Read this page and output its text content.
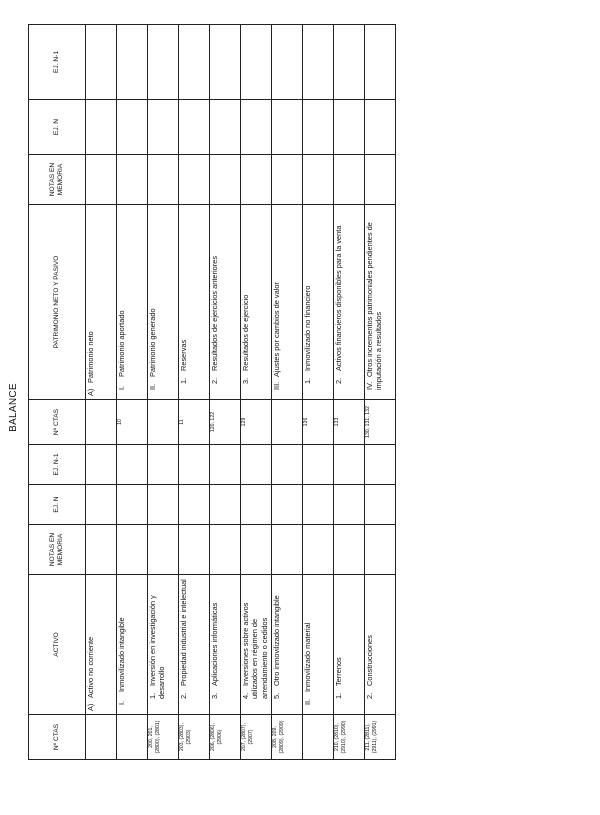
BALANCE
Nº CTAS	ACTIVO	NOTAS EN MEMORIA	EJ. N	EJ. N-1	Nº CTAS	PATRIMONIO NETO Y PASIVO	NOTAS EN MEMORIA	EJ. N	EJ. N-1
	A)Activo no corriente					A)Patrimonio neto			

	I.Inmovilizado intangible				10	I.Patrimonio aportado			

200, 201, (2800), (2801)	1.Inversión en investigación y desarrollo					II.Patrimonio generado			

203, (2803), (2903)	2.Propiedad industrial e intelectual				11	1.Reservas			

206, (2806), (2906)	3.Aplicaciones informáticas				120, 122	2.Resultados de ejercicios anteriores			

207, (2807), (2907)	4.Inversiones sobre activos utilizados en régimen de arrendamiento o cedidos				129	3.Resultados de ejercicio			

208, 209, (2809), (2909)	5.Otro inmovilizado intangible					III.Ajustes por cambios de valor			

	II.Inmovilizado material				136	1.Inmovilizado no financiero			

210, (2810), (2910), (2990)	1.Terrenos				133	2.Activos financieros disponibles para la venta			

211, (2811), (2911), (2991)	2.Construcciones				130, 131, 132	IV.Otros incrementos patrimoniales pendientes de imputación a resultados			
